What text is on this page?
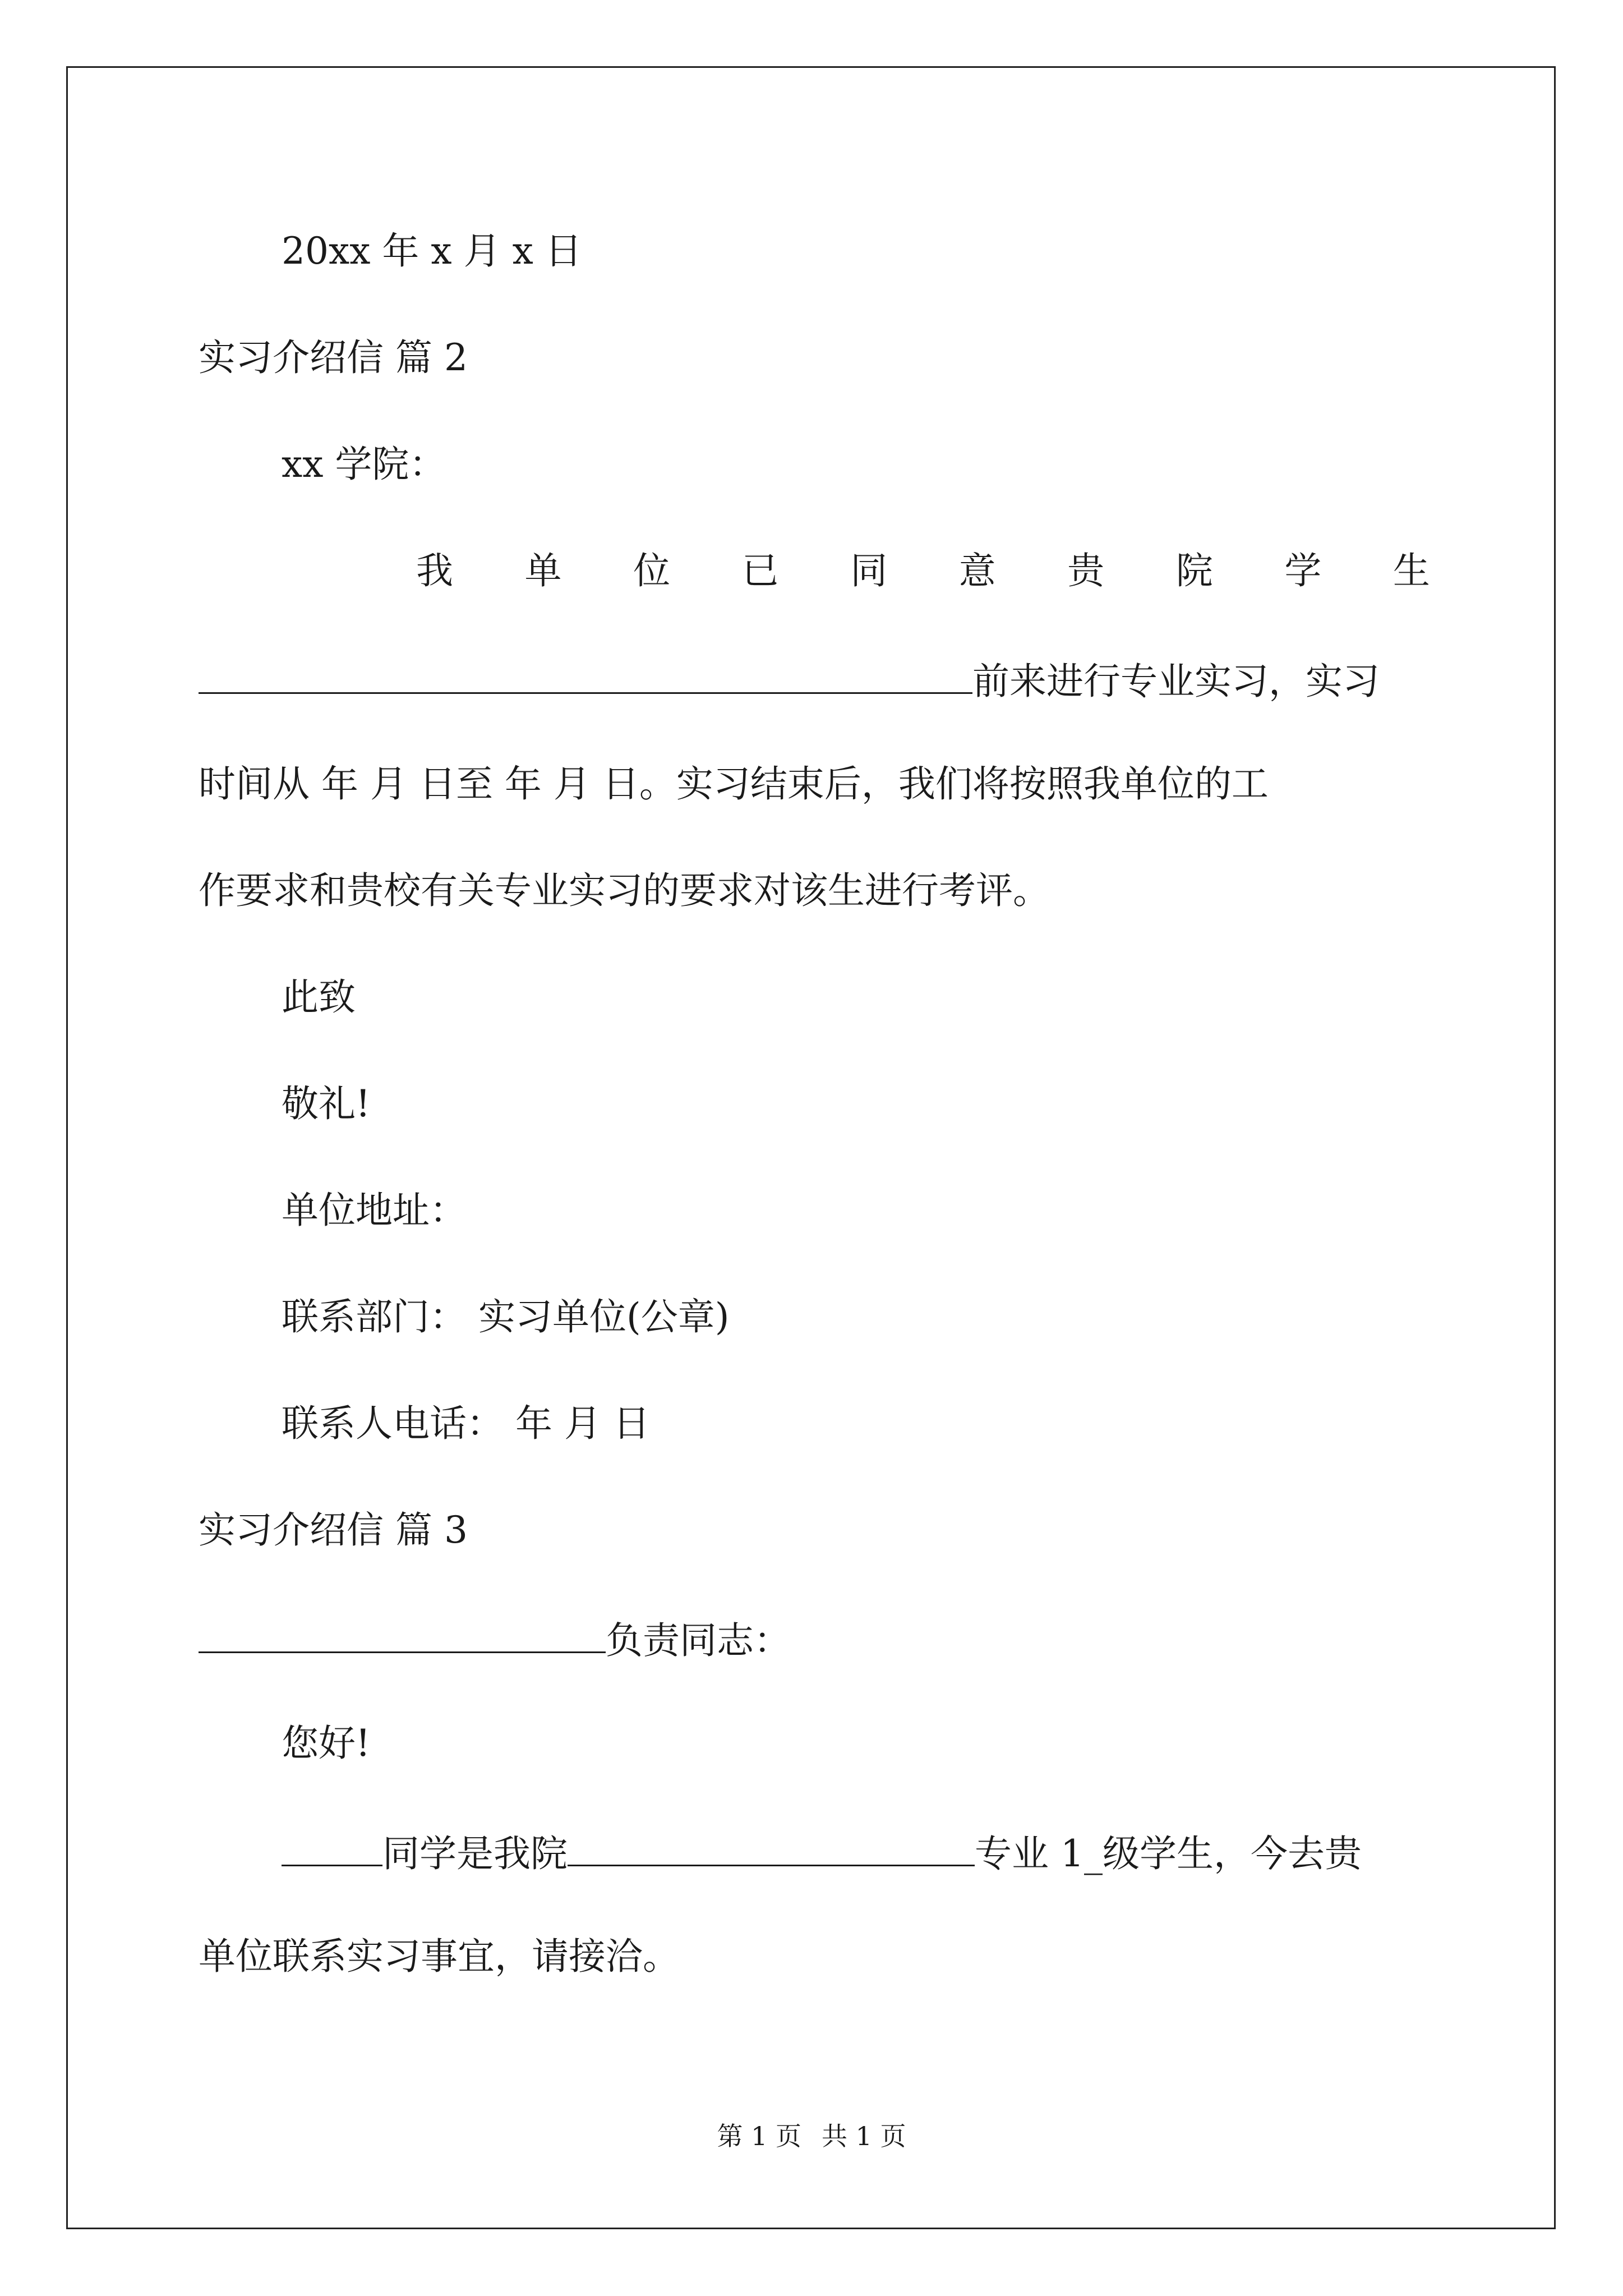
20xx 年 x 月 x 日
实习介绍信 篇 2
xx 学院：
我 单 位 已 同 意 贵 院 学 生
前来进行专业实习，实习
时间从 年 月 日至 年 月 日。实习结束后，我们将按照我单位的工
作要求和贵校有关专业实习的要求对该生进行考评。
此致
敬礼!
单位地址：
联系部门： 实习单位(公章)
联系人电话： 年 月 日
实习介绍信 篇 3
负责同志：
您好!
同学是我院	专业 1_级学生，今去贵
单位联系实习事宜，请接洽。
第 1 页 共 1 页
